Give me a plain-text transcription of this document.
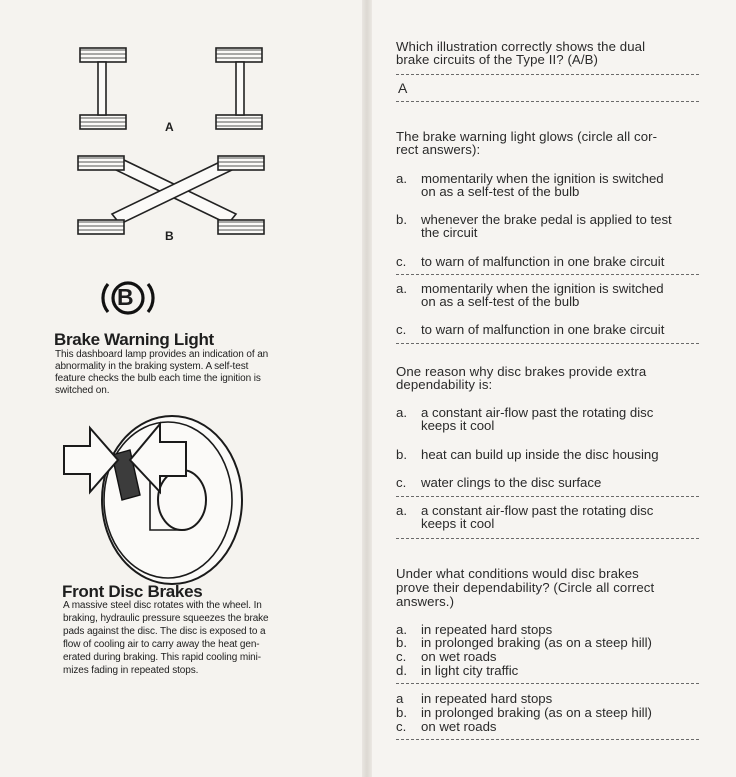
A
B
B
Brake Warning Light

This dashboard lamp provides an indication of an

abnormality in the braking system. A self-test

feature checks the bulb each time the ignition is

switched on.

Front Disc Brakes

A massive steel disc rotates with the wheel. In

braking, hydraulic pressure squeezes the brake

pads against the disc. The disc is exposed to a

flow of cooling air to carry away the heat gen-

erated during braking. This rapid cooling mini-

mizes fading in repeated stops.

Which illustration correctly shows the dual
brake circuits of the Type II? (A/B)
A
The brake warning light glows (circle all cor-
rect answers):
a.	momentarily when the ignition is switched
on as a self-test of the bulb
b.	whenever the brake pedal is applied to test
the circuit
c.	to warn of malfunction in one brake circuit
a.	momentarily when the ignition is switched
on as a self-test of the bulb
c.	to warn of malfunction in one brake circuit
One reason why disc brakes provide extra
dependability is:
a.	a constant air-flow past the rotating disc
keeps it cool
b.	heat can build up inside the disc housing
c.	water clings to the disc surface
a.	a constant air-flow past the rotating disc
keeps it cool
Under what conditions would disc brakes
prove their dependability? (Circle all correct
answers.)
a.	in repeated hard stops
b.	in prolonged braking (as on a steep hill)
c.	on wet roads
d.	in light city traffic
a	in repeated hard stops
b.	in prolonged braking (as on a steep hill)
c.	on wet roads
